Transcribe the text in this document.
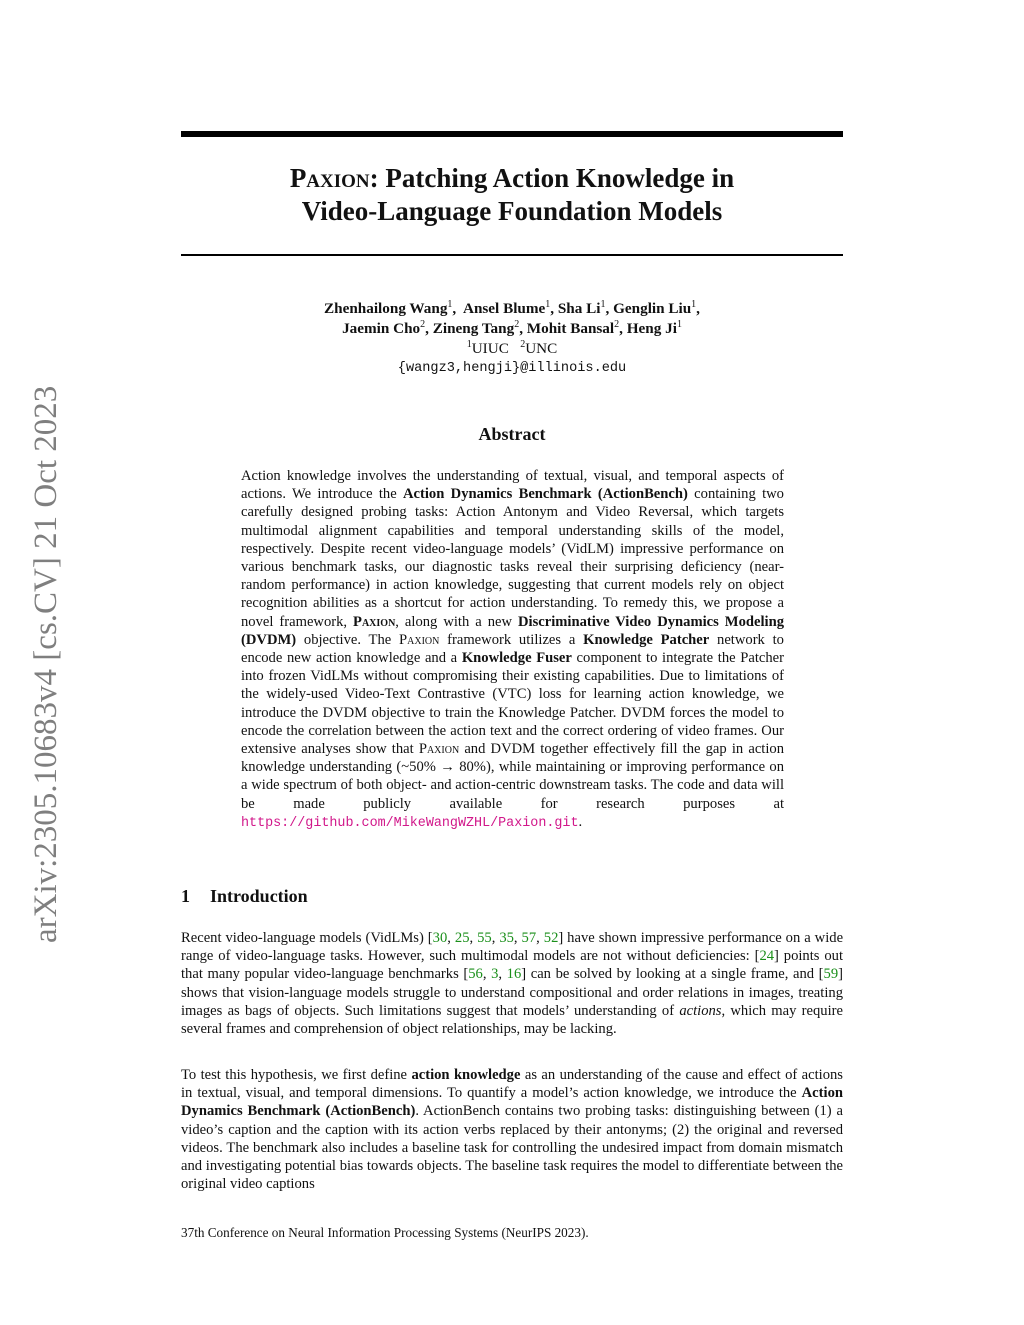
arXiv:2305.10683v4 [cs.CV] 21 Oct 2023
Paxion: Patching Action Knowledge in
Video-Language Foundation Models
Zhenhailong Wang$^1$,  Ansel Blume$^1$, Sha Li$^1$, Genglin Liu$^1$,
Jaemin Cho$^2$, Zineng Tang$^2$, Mohit Bansal$^2$, Heng Ji$^1$
$^1$UIUC $^2$UNC
{wangz3,hengji}@illinois.edu
Abstract
Action knowledge involves the understanding of textual, visual, and temporal aspects of actions. We introduce the Action Dynamics Benchmark (ActionBench) containing two carefully designed probing tasks: Action Antonym and Video Reversal, which targets multimodal alignment capabilities and temporal understanding skills of the model, respectively. Despite recent video-language models’ (VidLM) impressive performance on various benchmark tasks, our diagnostic tasks reveal their surprising deficiency (near-random performance) in action knowledge, suggesting that current models rely on object recognition abilities as a shortcut for action understanding. To remedy this, we propose a novel framework, Paxion, along with a new Discriminative Video Dynamics Modeling (DVDM) objective. The Paxion framework utilizes a Knowledge Patcher network to encode new action knowledge and a Knowledge Fuser component to integrate the Patcher into frozen VidLMs without compromising their existing capabilities. Due to limitations of the widely-used Video-Text Contrastive (VTC) loss for learning action knowledge, we introduce the DVDM objective to train the Knowledge Patcher. DVDM forces the model to encode the correlation between the action text and the correct ordering of video frames. Our extensive analyses show that Paxion and DVDM together effectively fill the gap in action knowledge understanding (~50% → 80%), while maintaining or improving performance on a wide spectrum of both object- and action-centric downstream tasks. The code and data will be made publicly available for research purposes at https://github.com/MikeWangWZHL/Paxion.git.
1 Introduction
Recent video-language models (VidLMs) [30, 25, 55, 35, 57, 52] have shown impressive performance on a wide range of video-language tasks. However, such multimodal models are not without deficiencies: [24] points out that many popular video-language benchmarks [56, 3, 16] can be solved by looking at a single frame, and [59] shows that vision-language models struggle to understand compositional and order relations in images, treating images as bags of objects. Such limitations suggest that models’ understanding of actions, which may require several frames and comprehension of object relationships, may be lacking.
To test this hypothesis, we first define action knowledge as an understanding of the cause and effect of actions in textual, visual, and temporal dimensions. To quantify a model’s action knowledge, we introduce the Action Dynamics Benchmark (ActionBench). ActionBench contains two probing tasks: distinguishing between (1) a video’s caption and the caption with its action verbs replaced by their antonyms; (2) the original and reversed videos. The benchmark also includes a baseline task for controlling the undesired impact from domain mismatch and investigating potential bias towards objects. The baseline task requires the model to differentiate between the original video captions
37th Conference on Neural Information Processing Systems (NeurIPS 2023).
